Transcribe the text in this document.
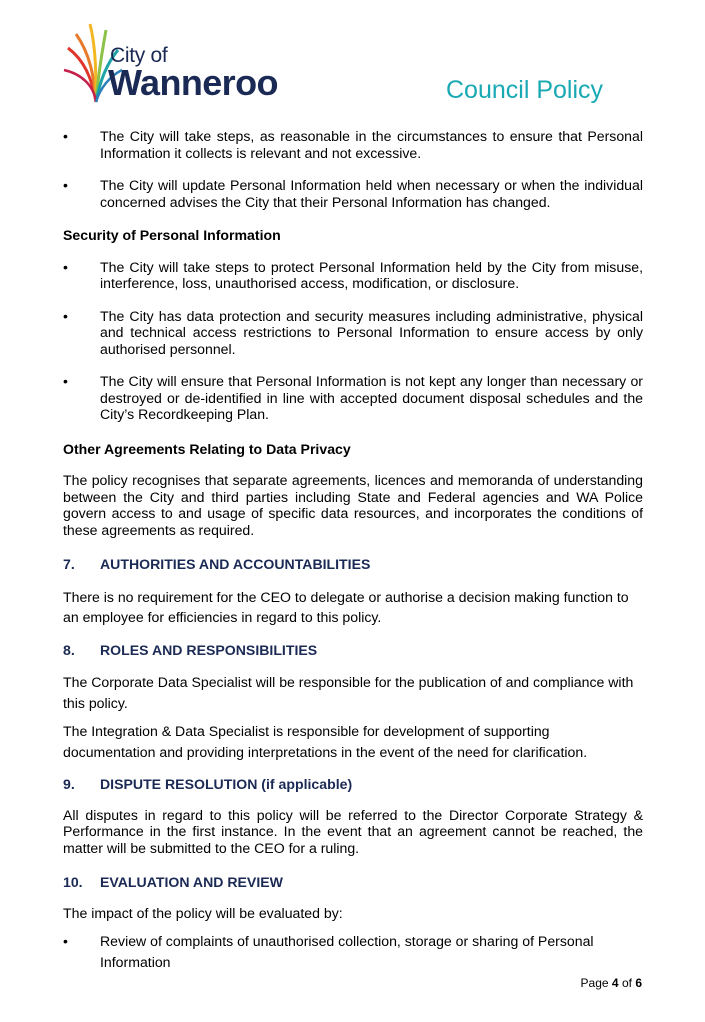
City of
Wanneroo	Council Policy
• The City will take steps, as reasonable in the circumstances to ensure that Personal Information it collects is relevant and not excessive.
• The City will update Personal Information held when necessary or when the individual concerned advises the City that their Personal Information has changed.
Security of Personal Information
• The City will take steps to protect Personal Information held by the City from misuse, interference, loss, unauthorised access, modification, or disclosure.
• The City has data protection and security measures including administrative, physical and technical access restrictions to Personal Information to ensure access by only authorised personnel.
• The City will ensure that Personal Information is not kept any longer than necessary or destroyed or de-identified in line with accepted document disposal schedules and the City’s Recordkeeping Plan.
Other Agreements Relating to Data Privacy
The policy recognises that separate agreements, licences and memoranda of understanding between the City and third parties including State and Federal agencies and WA Police govern access to and usage of specific data resources, and incorporates the conditions of these agreements as required.
7.	AUTHORITIES AND ACCOUNTABILITIES
There is no requirement for the CEO to delegate or authorise a decision making function to an employee for efficiencies in regard to this policy.
8.	ROLES AND RESPONSIBILITIES
The Corporate Data Specialist will be responsible for the publication of and compliance with this policy.
The Integration & Data Specialist is responsible for development of supporting documentation and providing interpretations in the event of the need for clarification.
9.	DISPUTE RESOLUTION (if applicable)
All disputes in regard to this policy will be referred to the Director Corporate Strategy & Performance in the first instance. In the event that an agreement cannot be reached, the matter will be submitted to the CEO for a ruling.
10.	EVALUATION AND REVIEW
The impact of the policy will be evaluated by:
• Review of complaints of unauthorised collection, storage or sharing of Personal Information
Page 4 of 6
